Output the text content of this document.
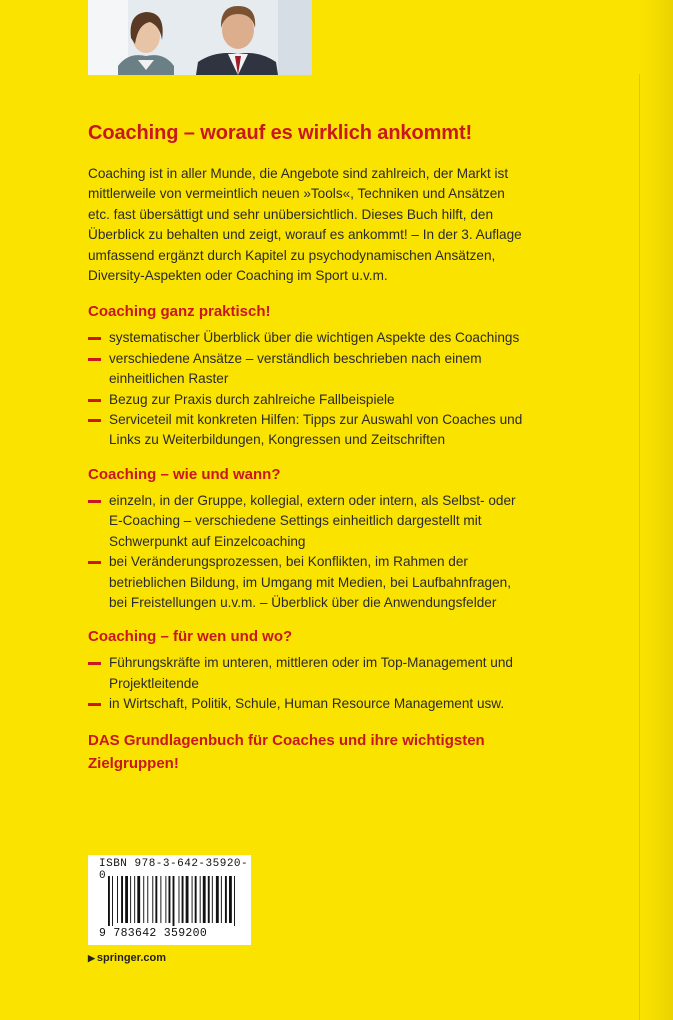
Coaching – worauf es wirklich ankommt!

Coaching ist in aller Munde, die Angebote sind zahlreich, der Markt ist mittlerweile von vermeintlich neuen »Tools«, Techniken und Ansätzen etc. fast übersättigt und sehr unübersichtlich. Dieses Buch hilft, den Überblick zu behalten und zeigt, worauf es ankommt! – In der 3. Auflage umfassend ergänzt durch Kapitel zu psychodynamischen Ansätzen, Diversity-Aspekten oder Coaching im Sport u.v.m.

Coaching ganz praktisch!
systematischer Überblick über die wichtigen Aspekte des Coachings
verschiedene Ansätze – verständlich beschrieben nach einem einheitlichen Raster
Bezug zur Praxis durch zahlreiche Fallbeispiele
Serviceteil mit konkreten Hilfen: Tipps zur Auswahl von Coaches und Links zu Weiterbildungen, Kongressen und Zeitschriften
Coaching – wie und wann?
einzeln, in der Gruppe, kollegial, extern oder intern, als Selbst- oder E-Coaching – verschiedene Settings einheitlich dargestellt mit Schwerpunkt auf Einzelcoaching
bei Veränderungsprozessen, bei Konflikten, im Rahmen der betrieblichen Bildung, im Umgang mit Medien, bei Laufbahnfragen, bei Freistellungen u.v.m. – Überblick über die Anwendungsfelder
Coaching – für wen und wo?
Führungskräfte im unteren, mittleren oder im Top-Management und Projektleitende
in Wirtschaft, Politik, Schule, Human Resource Management usw.

DAS Grundlagenbuch für Coaches und ihre wichtigsten Zielgruppen!

ISBN 978-3-642-35920-0
9 783642 359200
▶ springer.com
